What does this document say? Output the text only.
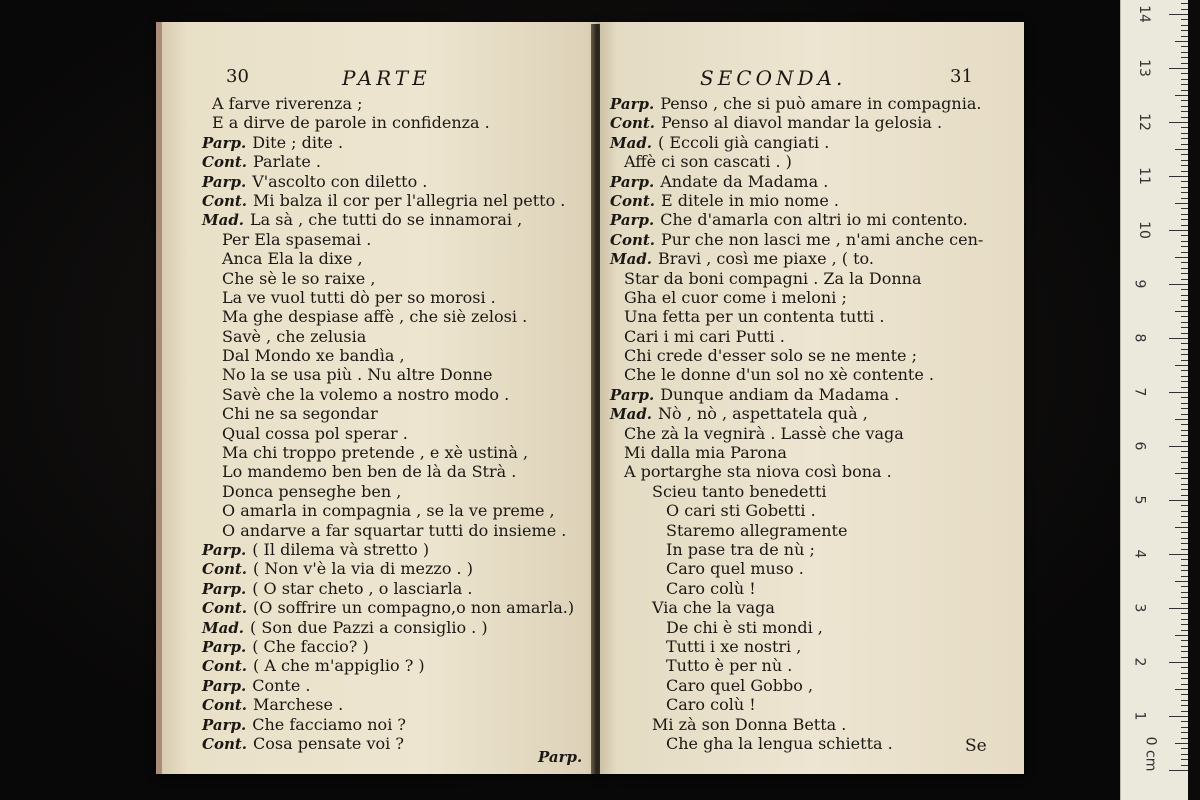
30	PARTE
A farve riverenza ;
E a dirve de parole in confidenza .
Parp. Dite ; dite .
Cont. Parlate .
Parp. V'ascolto con diletto .
Cont. Mi balza il cor per l'allegria nel petto .
Mad. La sà , che tutti do se innamorai ,
Per Ela spasemai .
Anca Ela la dixe ,
Che sè le so raixe ,
La ve vuol tutti dò per so morosi .
Ma ghe despiase affè , che siè zelosi .
Savè , che zelusia
Dal Mondo xe bandìa ,
No la se usa più . Nu altre Donne
Savè che la volemo a nostro modo .
Chi ne sa segondar
Qual cossa pol sperar .
Ma chi troppo pretende , e xè ustinà ,
Lo mandemo ben ben de là da Strà .
Donca penseghe ben ,
O amarla in compagnia , se la ve preme ,
O andarve a far squartar tutti do insieme .
Parp. ( Il dilema và stretto )
Cont. ( Non v'è la via di mezzo . )
Parp. ( O star cheto , o lasciarla .
Cont. (O soffrire un compagno,o non amarla.)
Mad. ( Son due Pazzi a consiglio . )
Parp. ( Che faccio? )
Cont. ( A che m'appiglio ? )
Parp. Conte .
Cont. Marchese .
Parp. Che facciamo noi ?
Cont. Cosa pensate voi ?
Parp.
SECONDA.	31
Parp. Penso , che si può amare in compagnia.
Cont. Penso al diavol mandar la gelosia .
Mad. ( Eccoli già cangiati .
Affè ci son cascati . )
Parp. Andate da Madama .
Cont. E ditele in mio nome .
Parp. Che d'amarla con altri io mi contento.
Cont. Pur che non lasci me , n'ami anche cen-
Mad. Bravi , così me piaxe , ( to.
Star da boni compagni . Za la Donna
Gha el cuor come i meloni ;
Una fetta per un contenta tutti .
Cari i mi cari Putti .
Chi crede d'esser solo se ne mente ;
Che le donne d'un sol no xè contente .
Parp. Dunque andiam da Madama .
Mad. Nò , nò , aspettatela quà ,
Che zà la vegnirà . Lassè che vaga
Mi dalla mia Parona
A portarghe sta niova così bona .
Scieu tanto benedetti
O cari sti Gobetti .
Staremo allegramente
In pase tra de nù ;
Caro quel muso .
Caro colù !
Via che la vaga
De chi è sti mondi ,
Tutti i xe nostri ,
Tutto è per nù .
Caro quel Gobbo ,
Caro colù !
Mi zà son Donna Betta .
Che gha la lengua schietta .	Se	0 cm
14
13
12
11
10
9
8
7
6
5
4
3
2
1
